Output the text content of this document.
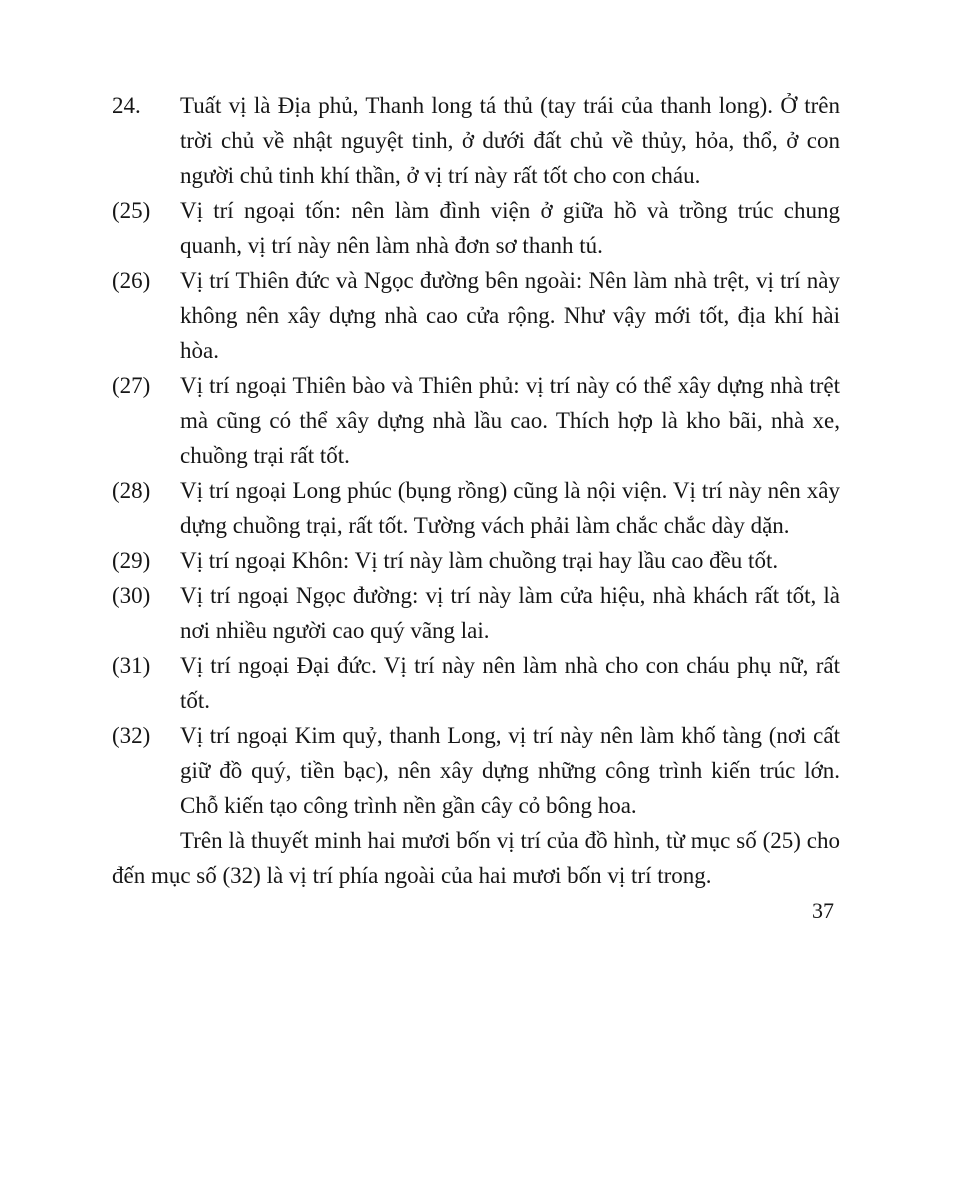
24.	Tuất vị là Địa phủ, Thanh long tá thủ (tay trái của thanh long). Ở trên trời chủ về nhật nguyệt tinh, ở dưới đất chủ về thủy, hỏa, thổ, ở con người chủ tinh khí thần, ở vị trí này rất tốt cho con cháu.
(25)	Vị trí ngoại tốn: nên làm đình viện ở giữa hồ và trồng trúc chung quanh, vị trí này nên làm nhà đơn sơ thanh tú.
(26)	Vị trí Thiên đức và Ngọc đường bên ngoài: Nên làm nhà trệt, vị trí này không nên xây dựng nhà cao cửa rộng. Như vậy mới tốt, địa khí hài hòa.
(27)	Vị trí ngoại Thiên bào và Thiên phủ: vị trí này có thể xây dựng nhà trệt mà cũng có thể xây dựng nhà lầu cao. Thích hợp là kho bãi, nhà xe, chuồng trại rất tốt.
(28)	Vị trí ngoại Long phúc (bụng rồng) cũng là nội viện. Vị trí này nên xây dựng chuồng trại, rất tốt. Tường vách phải làm chắc chắc dày dặn.
(29)	Vị trí ngoại Khôn: Vị trí này làm chuồng trại hay lầu cao đều tốt.
(30)	Vị trí ngoại Ngọc đường: vị trí này làm cửa hiệu, nhà khách rất tốt, là nơi nhiều người cao quý vãng lai.
(31)	Vị trí ngoại Đại đức. Vị trí này nên làm nhà cho con cháu phụ nữ, rất tốt.
(32)	Vị trí ngoại Kim quỷ, thanh Long, vị trí này nên làm khố tàng (nơi cất giữ đồ quý, tiền bạc), nên xây dựng những công trình kiến trúc lớn. Chỗ kiến tạo công trình nền gần cây cỏ bông hoa.

Trên là thuyết minh hai mươi bốn vị trí của đồ hình, từ mục số (25) cho đến mục số (32) là vị trí phía ngoài của hai mươi bốn vị trí trong.

37
